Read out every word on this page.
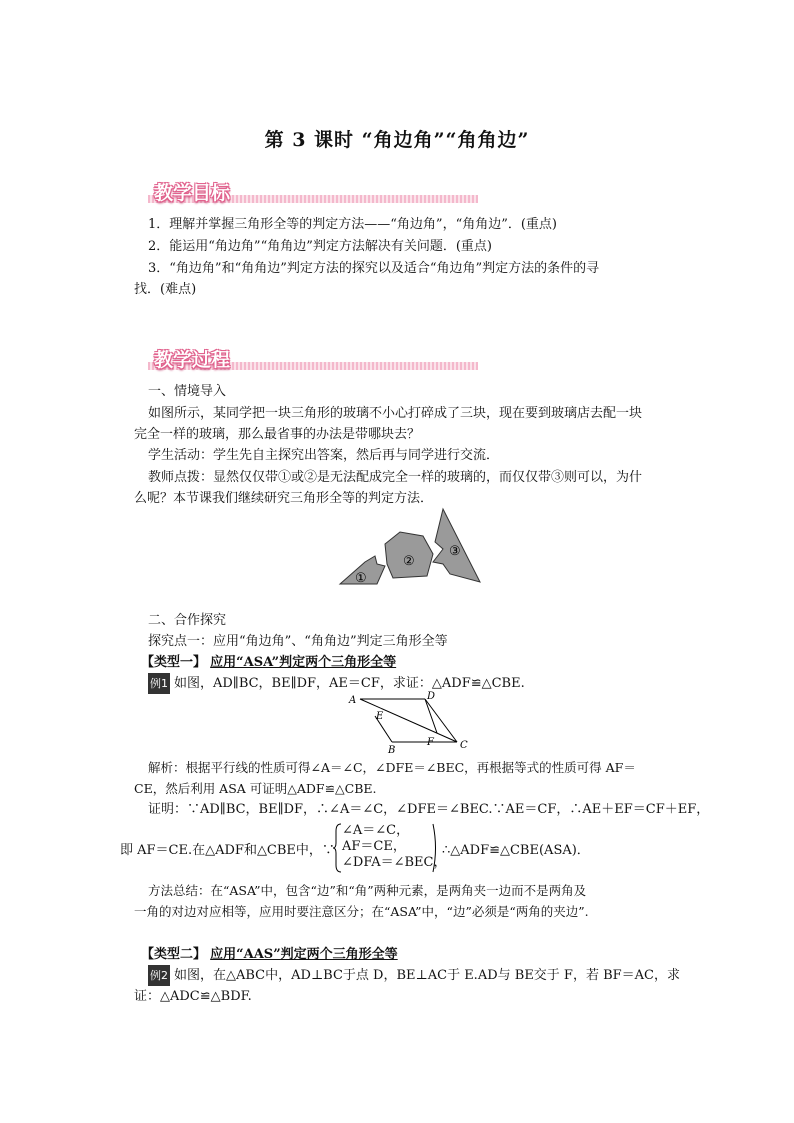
第 3 课时 “角边角”“角角边”
教学目标
1．理解并掌握三角形全等的判定方法——“角边角”，“角角边”．(重点)
2．能运用“角边角”“角角边”判定方法解决有关问题．(重点)
3．“角边角”和“角角边”判定方法的探究以及适合“角边角”判定方法的条件的寻
找．(难点)
教学过程
一、情境导入
如图所示，某同学把一块三角形的玻璃不小心打碎成了三块，现在要到玻璃店去配一块
完全一样的玻璃，那么最省事的办法是带哪块去？
学生活动：学生先自主探究出答案，然后再与同学进行交流．
教师点拨：显然仅仅带①或②是无法配成完全一样的玻璃的，而仅仅带③则可以，为什
么呢？本节课我们继续研究三角形全等的判定方法．
①
②
③
二、合作探究
探究点一：应用“角边角”、“角角边”判定三角形全等
【类型一】 应用“ASA”判定两个三角形全等
例1 如图，AD∥BC，BE∥DF，AE＝CF，求证：△ADF≌△CBE.
A	D
E
F
B	C
解析：根据平行线的性质可得∠A＝∠C，∠DFE＝∠BEC，再根据等式的性质可得 AF＝
CE，然后利用 ASA 可证明△ADF≌△CBE.
证明：∵AD∥BC，BE∥DF，∴∠A＝∠C，∠DFE＝∠BEC.∵AE＝CF，∴AE＋EF＝CF＋EF，
即 AF＝CE.在△ADF和△CBE中，∵
∠A＝∠C，
AF＝CE，
∠DFA＝∠BEC，
∴△ADF≌△CBE(ASA)．
方法总结：在“ASA”中，包含“边”和“角”两种元素，是两角夹一边而不是两角及
一角的对边对应相等，应用时要注意区分；在“ASA”中，“边”必须是“两角的夹边”.
【类型二】 应用“AAS”判定两个三角形全等
例2 如图，在△ABC中，AD⊥BC于点 D，BE⊥AC于 E.AD与 BE交于 F，若 BF＝AC，求
证：△ADC≌△BDF.
